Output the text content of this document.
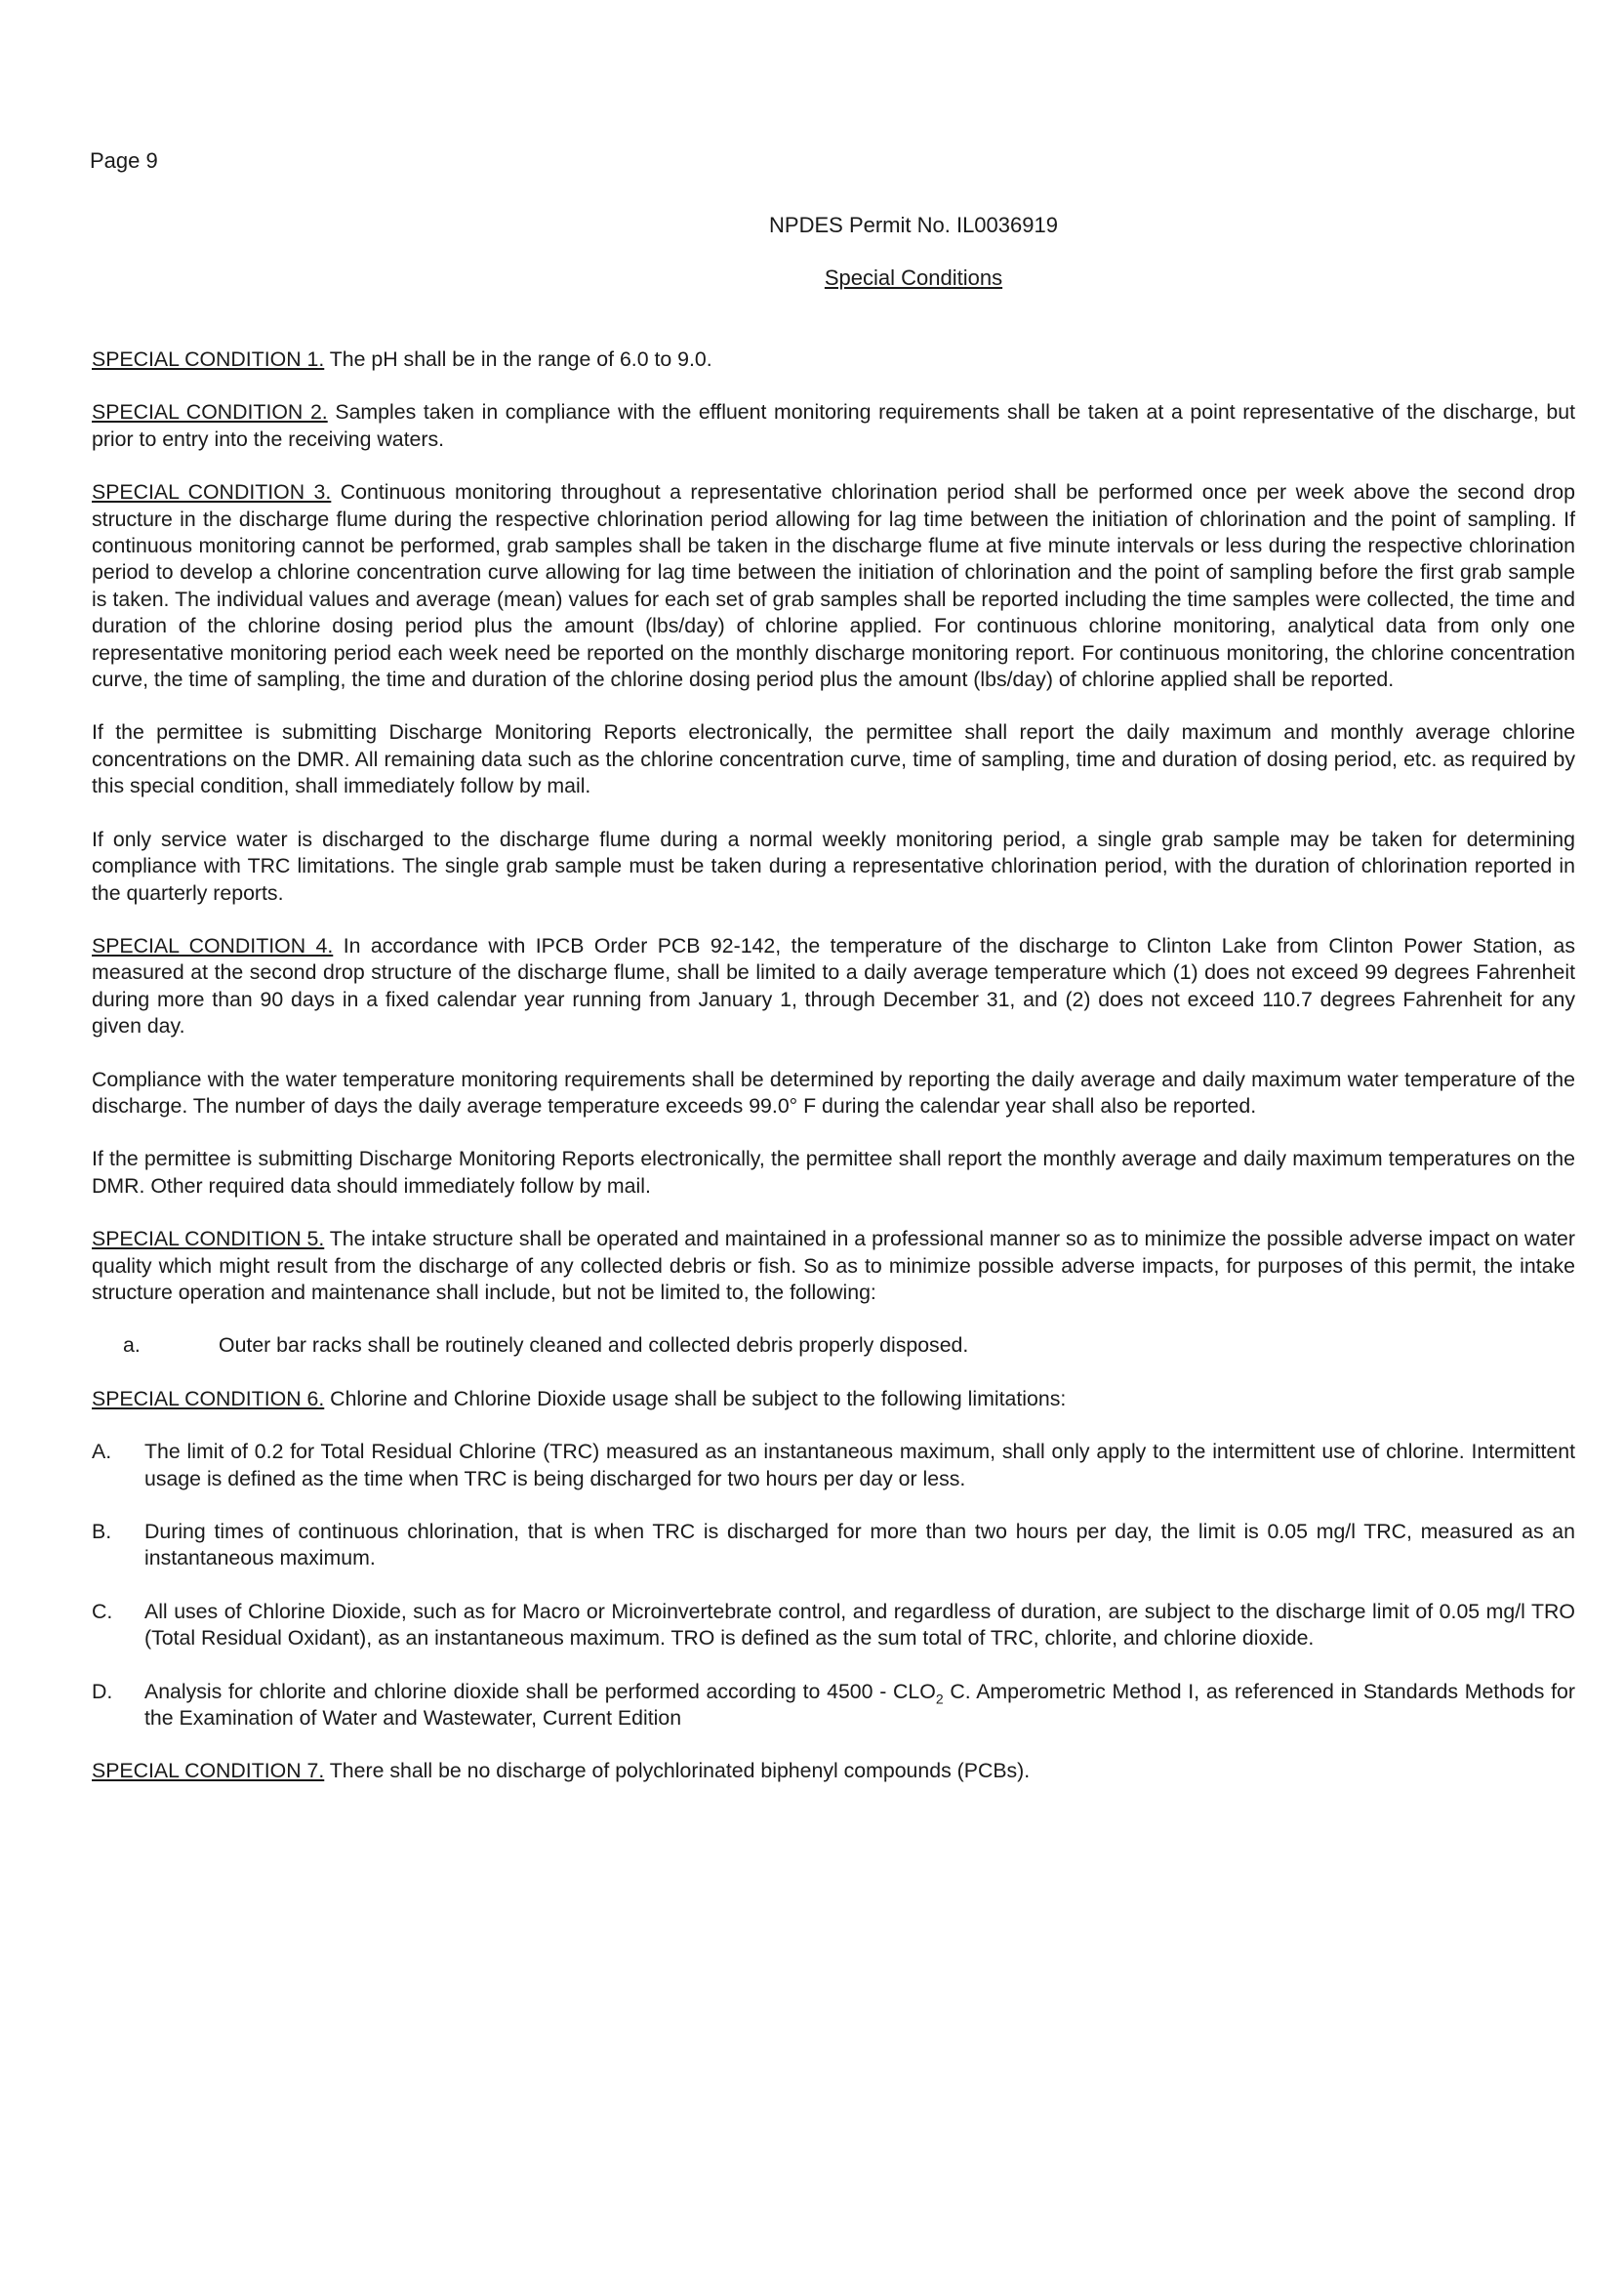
Page 9
NPDES Permit No. IL0036919
Special Conditions

SPECIAL CONDITION 1. The pH shall be in the range of 6.0 to 9.0.

SPECIAL CONDITION 2. Samples taken in compliance with the effluent monitoring requirements shall be taken at a point representative of the discharge, but prior to entry into the receiving waters.

SPECIAL CONDITION 3. Continuous monitoring throughout a representative chlorination period shall be performed once per week above the second drop structure in the discharge flume during the respective chlorination period allowing for lag time between the initiation of chlorination and the point of sampling. If continuous monitoring cannot be performed, grab samples shall be taken in the discharge flume at five minute intervals or less during the respective chlorination period to develop a chlorine concentration curve allowing for lag time between the initiation of chlorination and the point of sampling before the first grab sample is taken. The individual values and average (mean) values for each set of grab samples shall be reported including the time samples were collected, the time and duration of the chlorine dosing period plus the amount (lbs/day) of chlorine applied. For continuous chlorine monitoring, analytical data from only one representative monitoring period each week need be reported on the monthly discharge monitoring report. For continuous monitoring, the chlorine concentration curve, the time of sampling, the time and duration of the chlorine dosing period plus the amount (lbs/day) of chlorine applied shall be reported.

If the permittee is submitting Discharge Monitoring Reports electronically, the permittee shall report the daily maximum and monthly average chlorine concentrations on the DMR. All remaining data such as the chlorine concentration curve, time of sampling, time and duration of dosing period, etc. as required by this special condition, shall immediately follow by mail.

If only service water is discharged to the discharge flume during a normal weekly monitoring period, a single grab sample may be taken for determining compliance with TRC limitations. The single grab sample must be taken during a representative chlorination period, with the duration of chlorination reported in the quarterly reports.

SPECIAL CONDITION 4. In accordance with IPCB Order PCB 92-142, the temperature of the discharge to Clinton Lake from Clinton Power Station, as measured at the second drop structure of the discharge flume, shall be limited to a daily average temperature which (1) does not exceed 99 degrees Fahrenheit during more than 90 days in a fixed calendar year running from January 1, through December 31, and (2) does not exceed 110.7 degrees Fahrenheit for any given day.

Compliance with the water temperature monitoring requirements shall be determined by reporting the daily average and daily maximum water temperature of the discharge. The number of days the daily average temperature exceeds 99.0° F during the calendar year shall also be reported.

If the permittee is submitting Discharge Monitoring Reports electronically, the permittee shall report the monthly average and daily maximum temperatures on the DMR. Other required data should immediately follow by mail.

SPECIAL CONDITION 5. The intake structure shall be operated and maintained in a professional manner so as to minimize the possible adverse impact on water quality which might result from the discharge of any collected debris or fish. So as to minimize possible adverse impacts, for purposes of this permit, the intake structure operation and maintenance shall include, but not be limited to, the following:

a.	Outer bar racks shall be routinely cleaned and collected debris properly disposed.

SPECIAL CONDITION 6. Chlorine and Chlorine Dioxide usage shall be subject to the following limitations:

A.	The limit of 0.2 for Total Residual Chlorine (TRC) measured as an instantaneous maximum, shall only apply to the intermittent use of chlorine. Intermittent usage is defined as the time when TRC is being discharged for two hours per day or less.
B.	During times of continuous chlorination, that is when TRC is discharged for more than two hours per day, the limit is 0.05 mg/l TRC, measured as an instantaneous maximum.
C.	All uses of Chlorine Dioxide, such as for Macro or Microinvertebrate control, and regardless of duration, are subject to the discharge limit of 0.05 mg/l TRO (Total Residual Oxidant), as an instantaneous maximum. TRO is defined as the sum total of TRC, chlorite, and chlorine dioxide.
D.	Analysis for chlorite and chlorine dioxide shall be performed according to $4500 - CLO_2$ C. Amperometric Method I, as referenced in Standards Methods for the Examination of Water and Wastewater, Current Edition

SPECIAL CONDITION 7. There shall be no discharge of polychlorinated biphenyl compounds (PCBs).
